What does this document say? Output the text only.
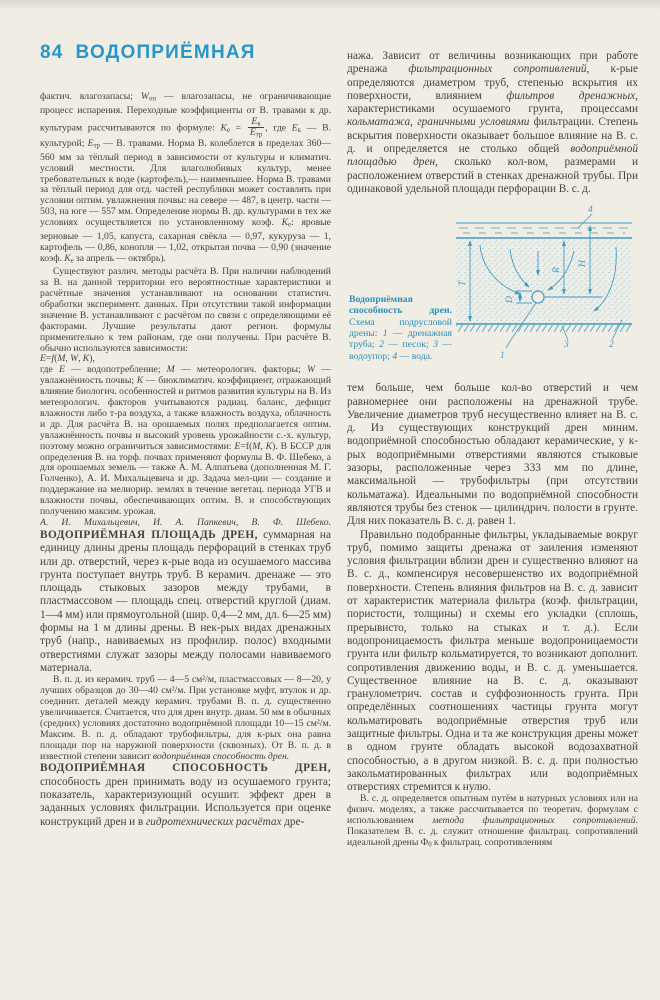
84 ВОДОПРИЁМНАЯ

фактич. влагозапасы; $W_{оп}$ — влагозапасы, не ограничивающие процесс испарения. Переходные коэффициенты от В. травами к др. культурам рассчитываются по формуле: $K_е = \frac{E_к}{E_{тр}}$ , где $E_к$ — В. культурой; $E_{тр}$ — В. травами. Норма В. колеблется в пределах 360—560 мм за тёплый период в зависимости от культуры и климатич. условий местности. Для влаголюбивых культур, менее требовательных к воде (картофель),— наименьшее. Норма В. травами за тёплый период для отд. частей республики может составлять при условии оптим. увлажнения почвы: на севере — 487, в центр. части — 503, на юге — 557 мм. Определение нормы В. др. культурами в тех же условиях осуществляется по установленному коэф. $K_е$: яровые зерновые — 1,05, капуста, сахарная свёкла — 0,97, кукуруза — 1, картофель — 0,86, конопля — 1,02, открытая почва — 0,90 (значение коэф. $K_е$ за апрель — октябрь).

Существуют различ. методы расчёта В. При наличии наблюдений за В. на данной территории его вероятностные характеристики и расчётные значения устанавливают на основании статистич. обработки эксперимент. данных. При отсутствии такой информации значение В. устанавливают с расчётом по связи с определяющими её факторами. Лучшие результаты дают регион. формулы применительно к тем районам, где они получены. При расчёте В. обычно используются зависимости:

E=f(M, W, K),

где E — водопотребление; M — метеорологич. факторы; W — увлажнённость почвы; K — биоклиматич. коэффициент, отражающий влияние биологич. особенностей и ритмов развития культуры на В. Из метеорологич. факторов учитываются радиац. баланс, дефицит влажности либо т-ра воздуха, а также влажность воздуха, облачность и др. Для расчёта В. на орошаемых полях предполагается оптим. увлажнённость почвы и высокий уровень урожайности с.-х. культур, поэтому можно ограничиться зависимостями: E=f(M, K). В БССР для определения В. на торф. почвах применяют формулы В. Ф. Шебеко, а для орошаемых земель — также А. М. Алпатьева (дополненная М. Г. Голченко), А. И. Михальцевича и др. Задача мел-ции — создание и поддержание на мелиорир. землях в течение вегетац. периода УГВ и влажности почвы, обеспечивающих оптим. В. и способствующих получению максим. урожая.

А. И. Михальцевич, И. А. Папкевич, В. Ф. Шебеко.

ВОДОПРИЁМНАЯ ПЛОЩАДЬ ДРЕН, суммарная на единицу длины дрены площадь перфораций в стенках труб или др. отверстий, через к-рые вода из осушаемого массива грунта поступает внутрь труб. В керамич. дренаже — это площадь стыковых зазоров между трубами, в пластмассовом — площадь спец. отверстий круглой (диам. 1—4 мм) или прямоугольной (шир. 0,4—2 мм, дл. 6—25 мм) формы на 1 м длины дрены. В нек-рых видах дренажных труб (напр., навиваемых из профилир. полос) входными отверстиями служат зазоры между полосами навиваемого материала.

В. п. д. из керамич. труб — 4—5 см²/м, пластмассовых — 8—20, у лучших образцов до 30—40 см²/м. При установке муфт, втулок и др. соединит. деталей между керамич. трубами В. п. д. существенно увеличивается. Считается, что для дрен внутр. диам. 50 мм в обычных (средних) условиях достаточно водоприёмной площади 10—15 см²/м. Максим. В. п. д. обладают трубофильтры, для к-рых она равна площади пор на наружной поверхности (сквозных). От В. п. д. в известной степени зависит водоприёмная способность дрен.

ВОДОПРИЁМНАЯ СПОСОБНОСТЬ ДРЕН, способность дрен принимать воду из осушаемого грунта; показатель, характеризующий осушит. эффект дрен в заданных условиях фильтрации. Используется при оценке конструкций дрен и в гидротехнических расчётах дре-

нажа. Зависит от величины возникающих при работе дренажа фильтрационных сопротивлений, к-рые определяются диаметром труб, степенью вскрытия их поверхности, влиянием фильтров дренажных, характеристиками осушаемого грунта, процессами кольматажа, граничными условиями фильтрации. Степень вскрытия поверхности оказывает большое влияние на В. с. д. и определяется не столько общей водоприёмной площадью дрен, сколько кол-вом, размерами и расположением отверстий в стенках дренажной трубы. При одинаковой удельной площади перфорации В. с. д.

Водоприёмная способность дрен. Схема подрусловой дрены: 1 — дренажная труба; 2 — песок; 3 — водоупор; 4 — вода.
T
D
R
H
4
1
3	2

тем больше, чем больше кол-во отверстий и чем равномернее они расположены на дренажной трубе. Увеличение диаметров труб несущественно влияет на В. с. д. Из существующих конструкций дрен миним. водоприёмной способностью обладают керамические, у к-рых водоприёмными отверстиями являются стыковые зазоры, расположенные через 333 мм по длине, максимальной — трубофильтры (при отсутствии кольматажа). Идеальными по водоприёмной способности являются трубы без стенок — цилиндрич. полости в грунте. Для них показатель В. с. д. равен 1.

Правильно подобранные фильтры, укладываемые вокруг труб, помимо защиты дренажа от заиления изменяют условия фильтрации вблизи дрен и существенно влияют на В. с. д., компенсируя несовершенство их водоприёмной поверхности. Степень влияния фильтров на В. с. д. зависит от характеристик материала фильтра (коэф. фильтрации, пористости, толщины) и схемы его укладки (сплошь, прерывисто, только на стыках и т. д.). Если водопроницаемость фильтра меньше водопроницаемости грунта или фильтр кольматируется, то возникают дополнит. сопротивления движению воды, и В. с. д. уменьшается. Существенное влияние на В. с. д. оказывают гранулометрич. состав и суффозионность грунта. При определённых соотношениях частицы грунта могут кольматировать водоприёмные отверстия труб или защитные фильтры. Одна и та же конструкция дрены может в одном грунте обладать высокой водозахватной способностью, а в другом низкой. В. с. д. при полностью закольматированных фильтрах или водоприёмных отверстиях стремится к нулю.

В. с. д. определяется опытным путём в натурных условиях или на физич. моделях, а также рассчитывается по теоретич. формулам с использованием метода фильтрационных сопротивлений. Показателем В. с. д. служит отношение фильтрац. сопротивлений идеальной дрены $Ф_0$ к фильтрац. сопротивлениям
